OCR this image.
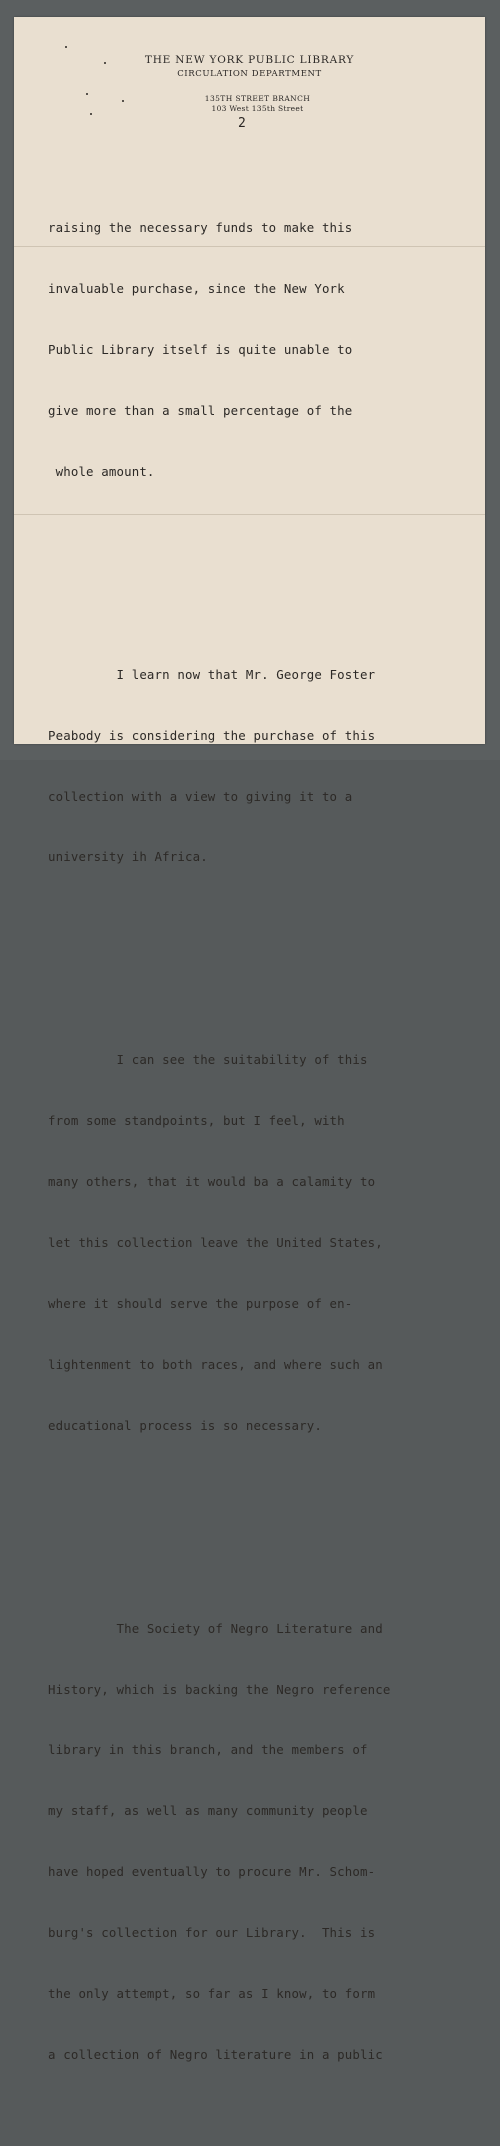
THE NEW YORK PUBLIC LIBRARY
CIRCULATION DEPARTMENT
135TH STREET BRANCH
103 West 135th Street
2

raising the necessary funds to make this

invaluable purchase, since the New York

Public Library itself is quite unable to

give more than a small percentage of the

whole amount.

I learn now that Mr. George Foster

Peabody is considering the purchase of this

collection with a view to giving it to a

university ih Africa.

I can see the suitability of this

from some standpoints, but I feel, with

many others, that it would ba a calamity to

let this collection leave the United States,

where it should serve the purpose of en-

lightenment to both races, and where such an

educational process is so necessary.

The Society of Negro Literature and

History, which is backing the Negro reference

library in this branch, and the members of

my staff, as well as many community people

have hoped eventually to procure Mr. Schom-

burg's collection for our Library.  This is

the only attempt, so far as I know, to form

a collection of Negro literature in a public
